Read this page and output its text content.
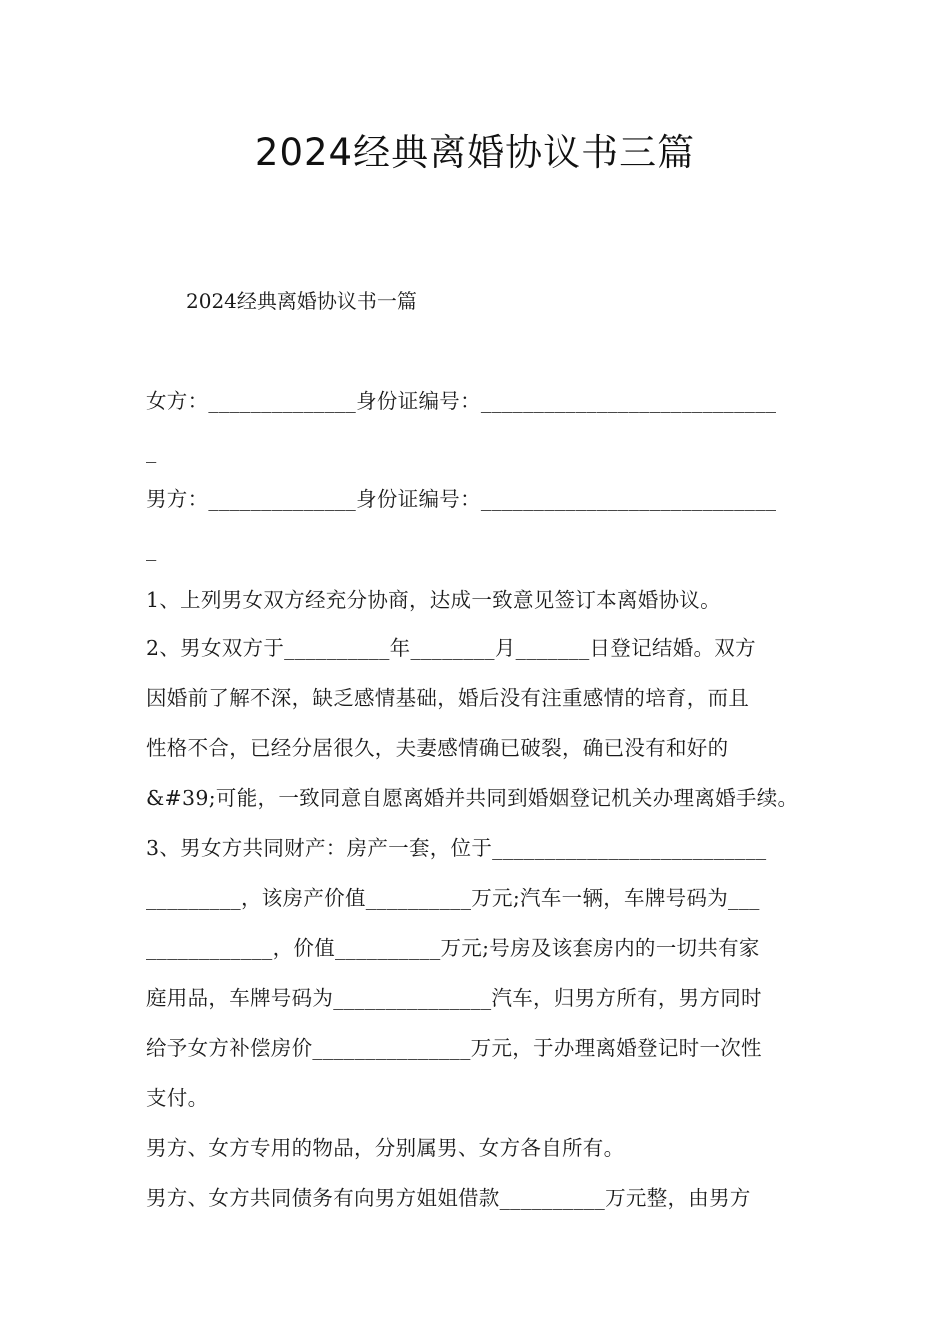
2024经典离婚协议书三篇
2024经典离婚协议书一篇
女方：______________身份证编号：____________________________
_
男方：______________身份证编号：____________________________
_
1、上列男女双方经充分协商，达成一致意见签订本离婚协议。
2、男女双方于__________年________月_______日登记结婚。双方
因婚前了解不深，缺乏感情基础，婚后没有注重感情的培育，而且
性格不合，已经分居很久，夫妻感情确已破裂，确已没有和好的
&#39;可能，一致同意自愿离婚并共同到婚姻登记机关办理离婚手续。
3、男女方共同财产：房产一套，位于__________________________
_________，该房产价值__________万元;汽车一辆，车牌号码为___
____________，价值__________万元;号房及该套房内的一切共有家
庭用品，车牌号码为_______________汽车，归男方所有，男方同时
给予女方补偿房价_______________万元，于办理离婚登记时一次性
支付。
男方、女方专用的物品，分别属男、女方各自所有。
男方、女方共同债务有向男方姐姐借款__________万元整，由男方
